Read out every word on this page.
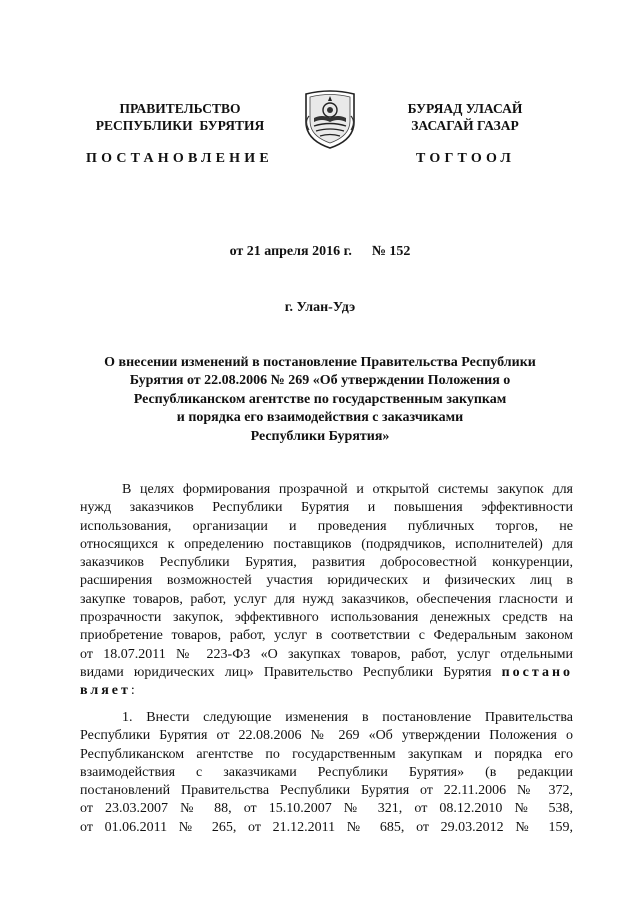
ПРАВИТЕЛЬСТВО
РЕСПУБЛИКИ  БУРЯТИЯ
БУРЯАД УЛАСАЙ
ЗАСАГАЙ ГАЗАР
ПОСТАНОВЛЕНИЕ	ТОГТООЛ
от 21 апреля 2016 г. № 152
г. Улан-Удэ
О внесении изменений в постановление Правительства Республики
Бурятия от 22.08.2006 № 269 «Об утверждении Положения о
Республиканском агентстве по государственным закупкам
и порядка его взаимодействия с заказчиками
Республики Бурятия»

В целях формирования прозрачной и открытой системы закупок для

нужд заказчиков Республики Бурятия и повышения эффективности

использования, организации и проведения публичных торгов, не

относящихся к определению поставщиков (подрядчиков, исполнителей) для

заказчиков Республики Бурятия, развития добросовестной конкуренции,

расширения возможностей участия юридических и физических лиц в

закупке товаров, работ, услуг для нужд заказчиков, обеспечения гласности и

прозрачности закупок, эффективного использования денежных средств на

приобретение товаров, работ, услуг в соответствии с Федеральным законом

от 18.07.2011 № 223-ФЗ «О закупках товаров, работ, услуг отдельными

видами юридических лиц» Правительство Республики Бурятия постано

вляет:

1. Внести следующие изменения в постановление Правительства

Республики Бурятия от 22.08.2006 № 269 «Об утверждении Положения о

Республиканском агентстве по государственным закупкам и порядка его

взаимодействия с заказчиками Республики Бурятия» (в редакции

постановлений Правительства Республики Бурятия от 22.11.2006 № 372,

от 23.03.2007 № 88, от 15.10.2007 № 321, от 08.12.2010 № 538,

от 01.06.2011 № 265, от 21.12.2011 № 685, от 29.03.2012 № 159,
